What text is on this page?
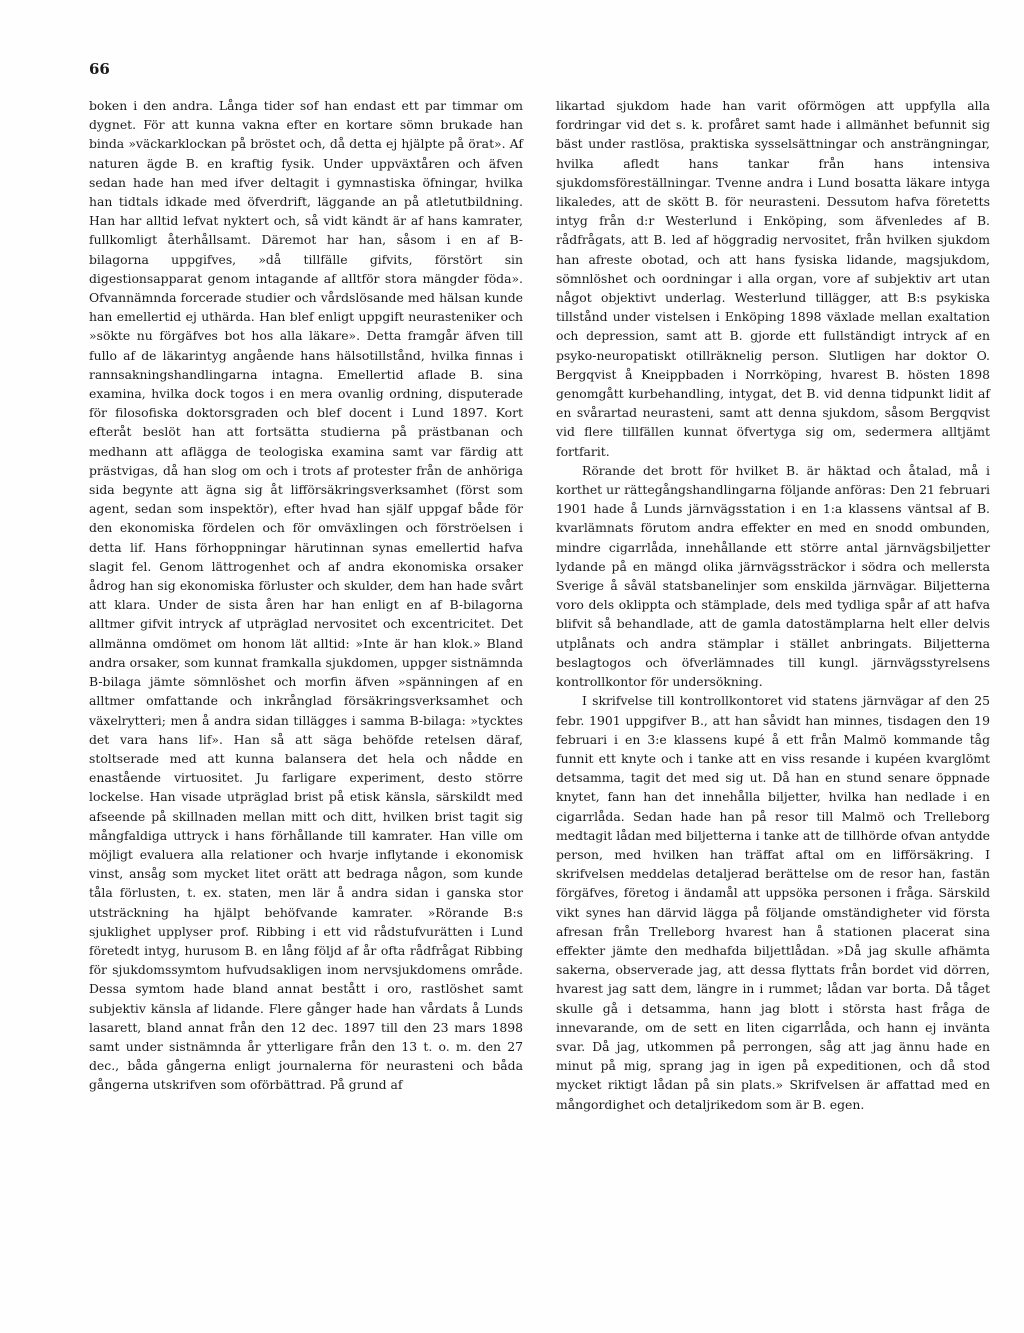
66

boken i den andra. Långa tider sof han endast ett par timmar om dygnet. För att kunna vakna efter en kortare sömn brukade han binda »väckarklockan på bröstet och, då detta ej hjälpte på örat». Af naturen ägde B. en kraftig fysik. Under uppväxtåren och äfven sedan hade han med ifver deltagit i gymnastiska öfningar, hvilka han tidtals idkade med öfverdrift, läggande an på atletutbildning. Han har alltid lefvat nyktert och, så vidt kändt är af hans kamrater, fullkomligt återhållsamt. Däremot har han, såsom i en af B-bilagorna uppgifves, »då tillfälle gifvits, förstört sin digestionsapparat genom intagande af alltför stora mängder föda». Ofvannämnda forcerade studier och vårdslösande med hälsan kunde han emellertid ej uthärda. Han blef enligt uppgift neurasteniker och »sökte nu förgäfves bot hos alla läkare». Detta framgår äfven till fullo af de läkarintyg angående hans hälsotillstånd, hvilka finnas i rannsakningshandlingarna intagna. Emellertid aflade B. sina examina, hvilka dock togos i en mera ovanlig ordning, disputerade för filosofiska doktorsgraden och blef docent i Lund 1897. Kort efteråt beslöt han att fortsätta studierna på prästbanan och medhann att aflägga de teologiska examina samt var färdig att prästvigas, då han slog om och i trots af protester från de anhöriga sida begynte att ägna sig åt lifförsäkringsverksamhet (först som agent, sedan som inspektör), efter hvad han själf uppgaf både för den ekonomiska fördelen och för omväxlingen och förströelsen i detta lif. Hans förhoppningar härutinnan synas emellertid hafva slagit fel. Genom lättrogenhet och af andra ekonomiska orsaker ådrog han sig ekonomiska förluster och skulder, dem han hade svårt att klara. Under de sista åren har han enligt en af B-bilagorna alltmer gifvit intryck af utpräglad nervositet och excentricitet. Det allmänna omdömet om honom lät alltid: »Inte är han klok.» Bland andra orsaker, som kunnat framkalla sjukdomen, uppger sistnämnda B-bilaga jämte sömnlöshet och morfin äfven »spänningen af en alltmer omfattande och inkrånglad försäkringsverksamhet och växelrytteri; men å andra sidan tillägges i samma B-bilaga: »tycktes det vara hans lif». Han så att säga behöfde retelsen däraf, stoltserade med att kunna balansera det hela och nådde en enastående virtuositet. Ju farligare experiment, desto större lockelse. Han visade utpräglad brist på etisk känsla, särskildt med afseende på skillnaden mellan mitt och ditt, hvilken brist tagit sig mångfaldiga uttryck i hans förhållande till kamrater. Han ville om möjligt evaluera alla relationer och hvarje inflytande i ekonomisk vinst, ansåg som mycket litet orätt att bedraga någon, som kunde tåla förlusten, t. ex. staten, men lär å andra sidan i ganska stor utsträckning ha hjälpt behöfvande kamrater. »Rörande B:s sjuklighet upplyser prof. Ribbing i ett vid rådstufvurätten i Lund företedt intyg, hurusom B. en lång följd af år ofta rådfrågat Ribbing för sjukdomssymtom hufvudsakligen inom nervsjukdomens område. Dessa symtom hade bland annat bestått i oro, rastlöshet samt subjektiv känsla af lidande. Flere gånger hade han vårdats å Lunds lasarett, bland annat från den 12 dec. 1897 till den 23 mars 1898 samt under sistnämnda år ytterligare från den 13 t. o. m. den 27 dec., båda gångerna enligt journalerna för neurasteni och båda gångerna utskrifven som oförbättrad. På grund af

likartad sjukdom hade han varit oförmögen att uppfylla alla fordringar vid det s. k. profåret samt hade i allmänhet befunnit sig bäst under rastlösa, praktiska sysselsättningar och ansträngningar, hvilka afledt hans tankar från hans intensiva sjukdomsföreställningar. Tvenne andra i Lund bosatta läkare intyga likaledes, att de skött B. för neurasteni. Dessutom hafva företetts intyg från d:r Westerlund i Enköping, som äfvenledes af B. rådfrågats, att B. led af höggradig nervositet, från hvilken sjukdom han afreste obotad, och att hans fysiska lidande, magsjukdom, sömnlöshet och oordningar i alla organ, vore af subjektiv art utan något objektivt underlag. Westerlund tillägger, att B:s psykiska tillstånd under vistelsen i Enköping 1898 växlade mellan exaltation och depression, samt att B. gjorde ett fullständigt intryck af en psyko-neuropatiskt otillräknelig person. Slutligen har doktor O. Bergqvist å Kneippbaden i Norrköping, hvarest B. hösten 1898 genomgått kurbehandling, intygat, det B. vid denna tidpunkt lidit af en svårartad neurasteni, samt att denna sjukdom, såsom Bergqvist vid flere tillfällen kunnat öfvertyga sig om, sedermera alltjämt fortfarit.

Rörande det brott för hvilket B. är häktad och åtalad, må i korthet ur rättegångshandlingarna följande anföras: Den 21 februari 1901 hade å Lunds järnvägsstation i en 1:a klassens väntsal af B. kvarlämnats förutom andra effekter en med en snodd ombunden, mindre cigarrlåda, innehållande ett större antal järnvägsbiljetter lydande på en mängd olika järnvägssträckor i södra och mellersta Sverige å såväl statsbanelinjer som enskilda järnvägar. Biljetterna voro dels oklippta och stämplade, dels med tydliga spår af att hafva blifvit så behandlade, att de gamla datostämplarna helt eller delvis utplånats och andra stämplar i stället anbringats. Biljetterna beslagtogos och öfverlämnades till kungl. järnvägsstyrelsens kontrollkontor för undersökning.

I skrifvelse till kontrollkontoret vid statens järnvägar af den 25 febr. 1901 uppgifver B., att han såvidt han minnes, tisdagen den 19 februari i en 3:e klassens kupé å ett från Malmö kommande tåg funnit ett knyte och i tanke att en viss resande i kupéen kvarglömt detsamma, tagit det med sig ut. Då han en stund senare öppnade knytet, fann han det innehålla biljetter, hvilka han nedlade i en cigarrlåda. Sedan hade han på resor till Malmö och Trelleborg medtagit lådan med biljetterna i tanke att de tillhörde ofvan antydde person, med hvilken han träffat aftal om en lifförsäkring. I skrifvelsen meddelas detaljerad berättelse om de resor han, fastän förgäfves, företog i ändamål att uppsöka personen i fråga. Särskild vikt synes han därvid lägga på följande omständigheter vid första afresan från Trelleborg hvarest han å stationen placerat sina effekter jämte den medhafda biljettlådan. »Då jag skulle afhämta sakerna, observerade jag, att dessa flyttats från bordet vid dörren, hvarest jag satt dem, längre in i rummet; lådan var borta. Då tåget skulle gå i detsamma, hann jag blott i största hast fråga de innevarande, om de sett en liten cigarrlåda, och hann ej invänta svar. Då jag, utkommen på perrongen, såg att jag ännu hade en minut på mig, sprang jag in igen på expeditionen, och då stod mycket riktigt lådan på sin plats.» Skrifvelsen är affattad med en mångordighet och detaljrikedom som är B. egen.
